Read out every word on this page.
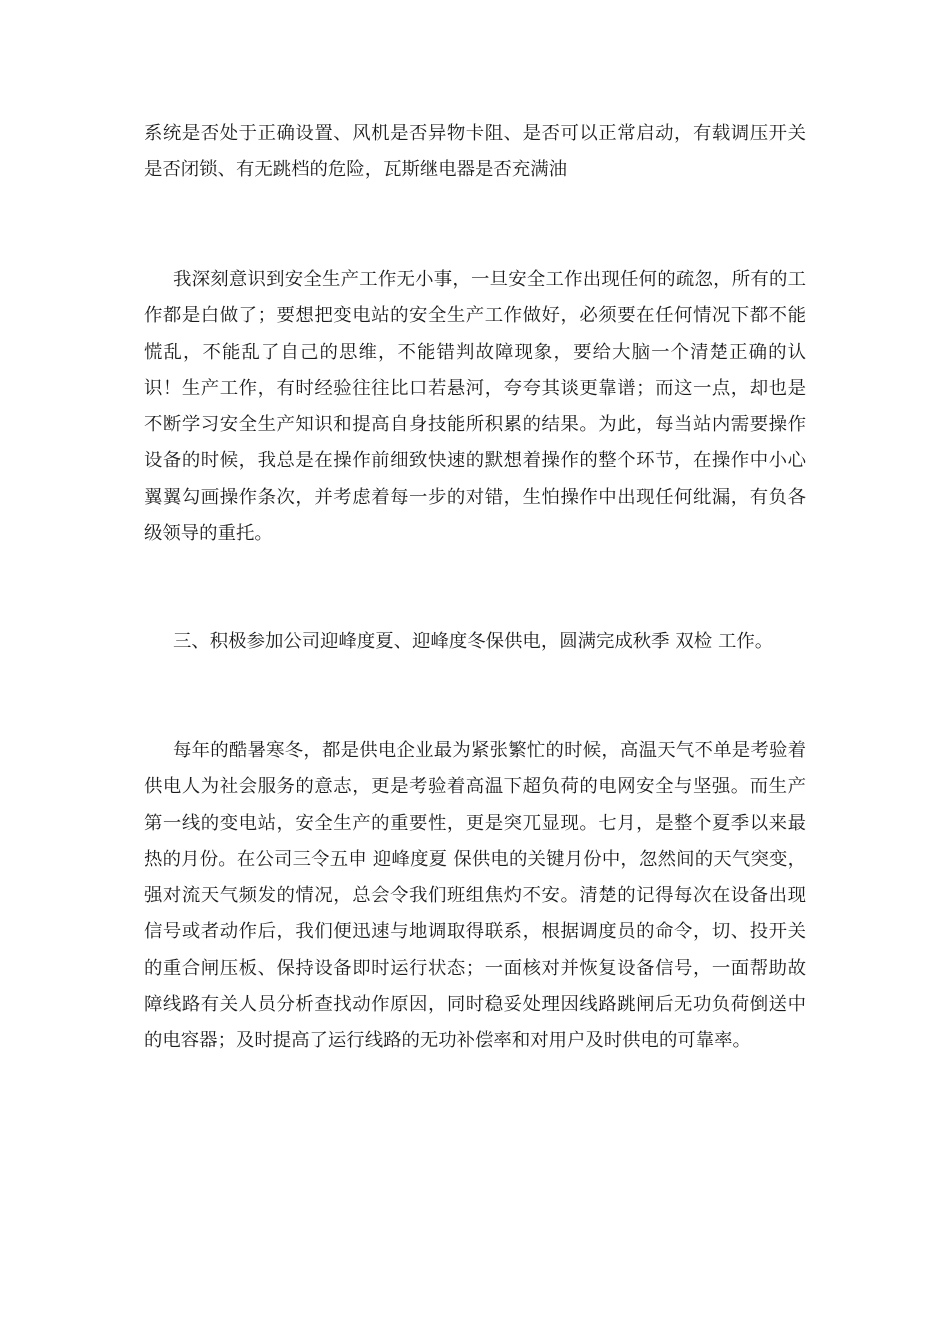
系统是否处于正确设置、风机是否异物卡阻、是否可以正常启动，有载调压开关是否闭锁、有无跳档的危险，瓦斯继电器是否充满油

我深刻意识到安全生产工作无小事，一旦安全工作出现任何的疏忽，所有的工作都是白做了；要想把变电站的安全生产工作做好，必须要在任何情况下都不能慌乱，不能乱了自己的思维，不能错判故障现象，要给大脑一个清楚正确的认识！生产工作，有时经验往往比口若悬河，夸夸其谈更靠谱；而这一点，却也是不断学习安全生产知识和提高自身技能所积累的结果。为此，每当站内需要操作设备的时候，我总是在操作前细致快速的默想着操作的整个环节，在操作中小心翼翼勾画操作条次，并考虑着每一步的对错，生怕操作中出现任何纰漏，有负各级领导的重托。

三、积极参加公司迎峰度夏、迎峰度冬保供电，圆满完成秋季 双检 工作。

每年的酷暑寒冬，都是供电企业最为紧张繁忙的时候，高温天气不单是考验着供电人为社会服务的意志，更是考验着高温下超负荷的电网安全与坚强。而生产第一线的变电站，安全生产的重要性，更是突兀显现。七月，是整个夏季以来最热的月份。在公司三令五申 迎峰度夏 保供电的关键月份中，忽然间的天气突变，强对流天气频发的情况，总会令我们班组焦灼不安。清楚的记得每次在设备出现信号或者动作后，我们便迅速与地调取得联系，根据调度员的命令，切、投开关的重合闸压板、保持设备即时运行状态；一面核对并恢复设备信号，一面帮助故障线路有关人员分析查找动作原因，同时稳妥处理因线路跳闸后无功负荷倒送中的电容器；及时提高了运行线路的无功补偿率和对用户及时供电的可靠率。
